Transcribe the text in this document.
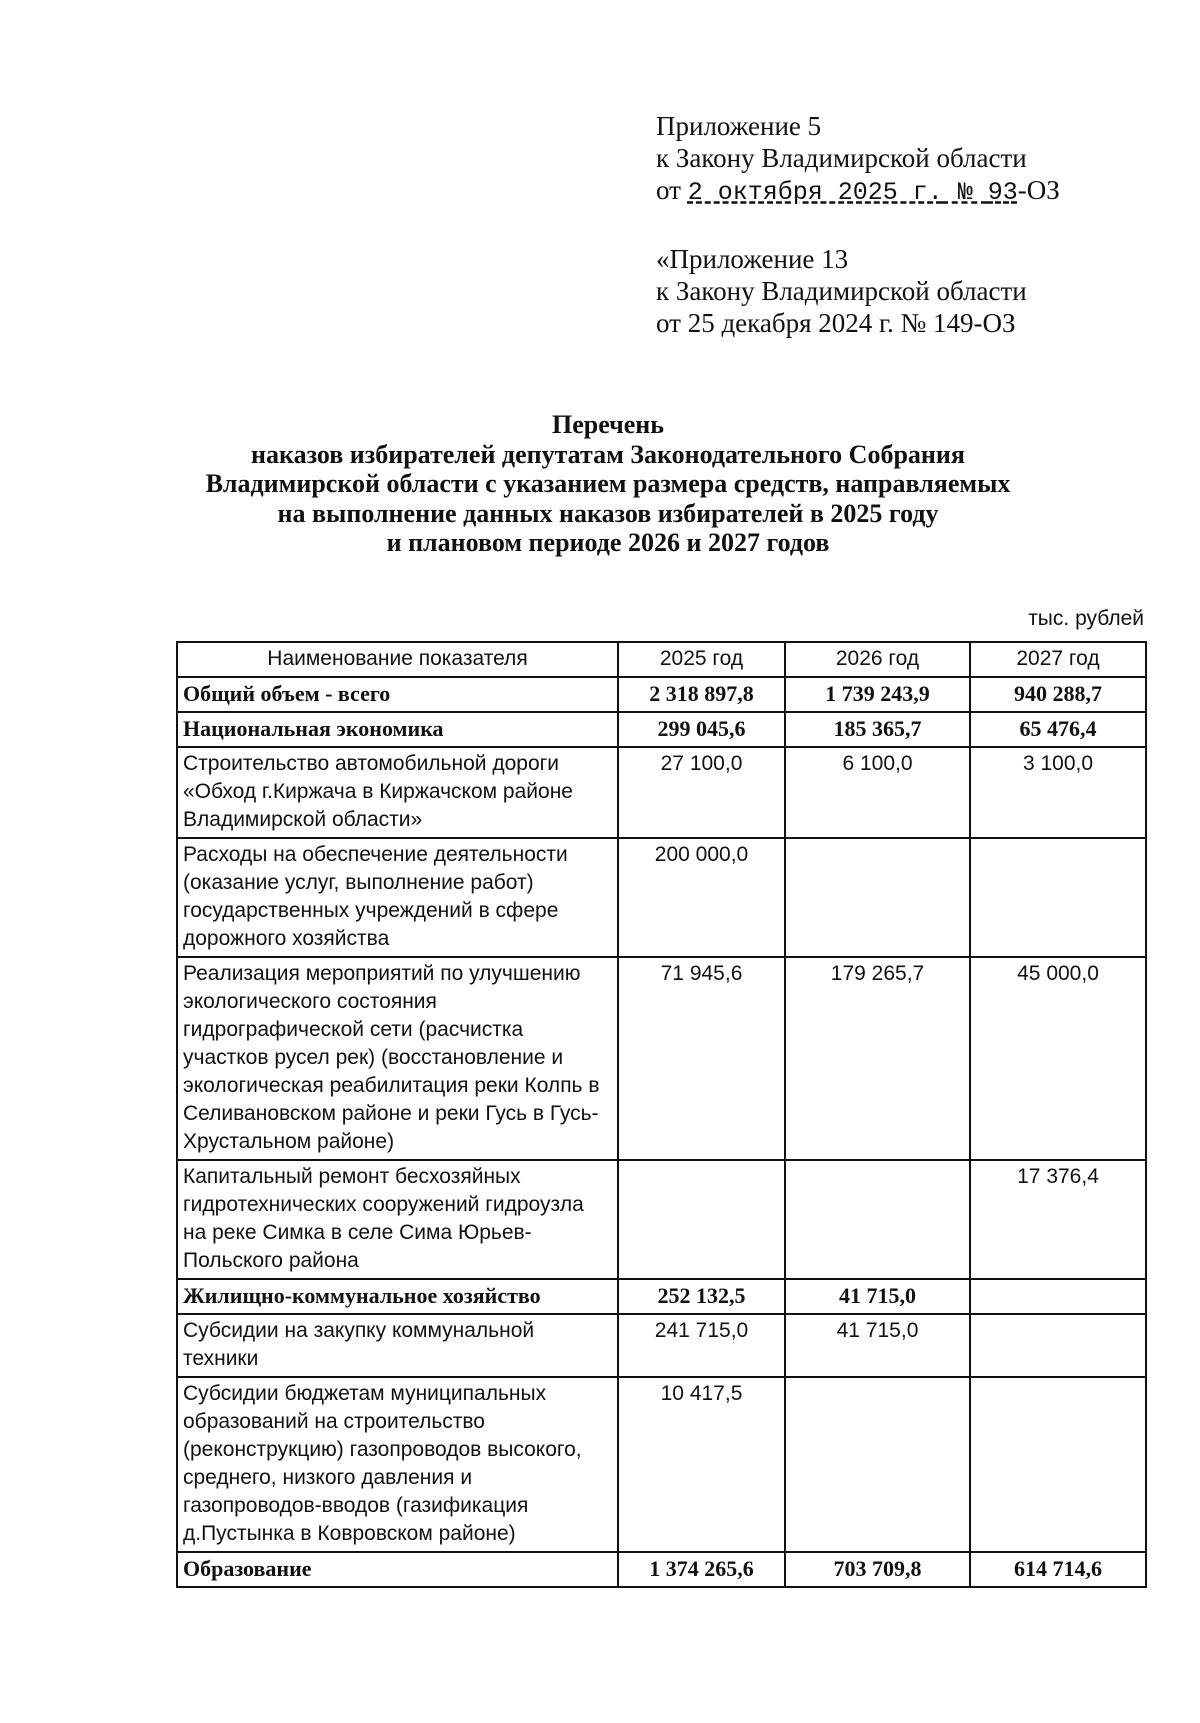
Приложение 5
к Закону Владимирской области
от 2 октября 2025 г. № 93-ОЗ
«Приложение 13
к Закону Владимирской области
от 25 декабря 2024 г. № 149-ОЗ
Перечень
наказов избирателей депутатам Законодательного Собрания
Владимирской области с указанием размера средств, направляемых
на выполнение данных наказов избирателей в 2025 году
и плановом периоде 2026 и 2027 годов
тыс. рублей
Наименование показателя	2025 год	2026 год	2027 год
Общий объем - всего	2 318 897,8	1 739 243,9	940 288,7
Национальная экономика	299 045,6	185 365,7	65 476,4
Строительство автомобильной дороги «Обход г.Киржача в Киржачском районе Владимирской области»	27 100,0	6 100,0	3 100,0
Расходы на обеспечение деятельности (оказание услуг, выполнение работ) государственных учреждений в сфере дорожного хозяйства	200 000,0		
Реализация мероприятий по улучшению экологического состояния гидрографической сети (расчистка участков русел рек) (восстановление и экологическая реабилитация реки Колпь в Селивановском районе и реки Гусь в Гусь-Хрустальном районе)	71 945,6	179 265,7	45 000,0
Капитальный ремонт бесхозяйных гидротехнических сооружений гидроузла на реке Симка в селе Сима Юрьев-Польского района			17 376,4
Жилищно-коммунальное хозяйство	252 132,5	41 715,0	
Субсидии на закупку коммунальной техники	241 715,0	41 715,0	
Субсидии бюджетам муниципальных образований на строительство (реконструкцию) газопроводов высокого, среднего, низкого давления и газопроводов-вводов (газификация д.Пустынка в Ковровском районе)	10 417,5		
Образование	1 374 265,6	703 709,8	614 714,6
